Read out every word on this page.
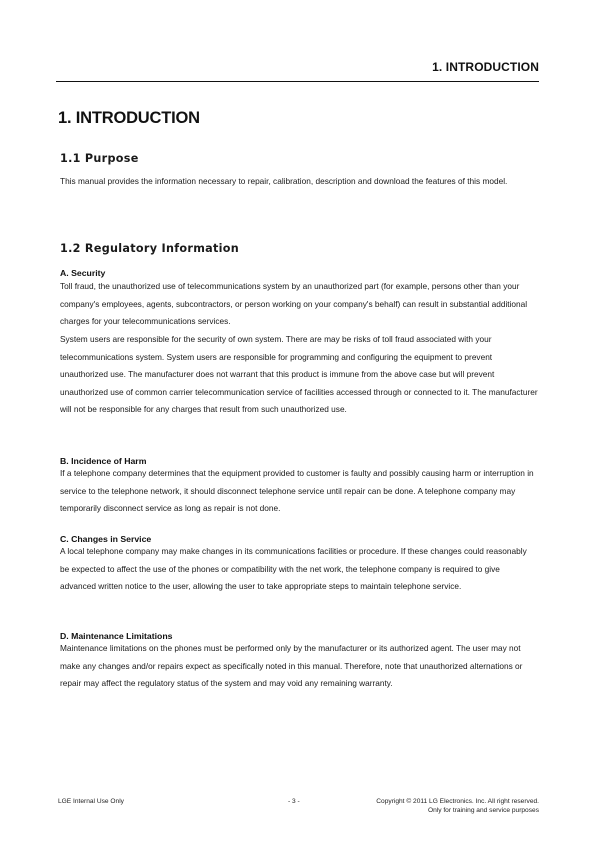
1. INTRODUCTION
1. INTRODUCTION
1.1 Purpose

This manual provides the information necessary to repair, calibration, description and download the features of this model.

1.2 Regulatory Information
A. Security

Toll fraud, the unauthorized use of telecommunications system by an unauthorized part (for example, persons other than your company's employees, agents, subcontractors, or person working on your company's behalf) can result in substantial additional charges for your telecommunications services.

System users are responsible for the security of own system. There are may be risks of toll fraud associated with your telecommunications system. System users are responsible for programming and configuring the equipment to prevent unauthorized use. The manufacturer does not warrant that this product is immune from the above case but will prevent unauthorized use of common carrier telecommunication service of facilities accessed through or connected to it. The manufacturer will not be responsible for any charges that result from such unauthorized use.

B. Incidence of Harm

If a telephone company determines that the equipment provided to customer is faulty and possibly causing harm or interruption in service to the telephone network, it should disconnect telephone service until repair can be done. A telephone company may temporarily disconnect service as long as repair is not done.

C. Changes in Service

A local telephone company may make changes in its communications facilities or procedure. If these changes could reasonably be expected to affect the use of the phones or compatibility with the net work, the telephone company is required to give advanced written notice to the user, allowing the user to take appropriate steps to maintain telephone service.

D. Maintenance Limitations

Maintenance limitations on the phones must be performed only by the manufacturer or its authorized agent. The user may not make any changes and/or repairs expect as specifically noted in this manual. Therefore, note that unauthorized alternations or repair may affect the regulatory status of the system and may void any remaining warranty.

LGE Internal Use Only	- 3 -	Copyright © 2011 LG Electronics. Inc. All right reserved.
Only for training and service purposes
